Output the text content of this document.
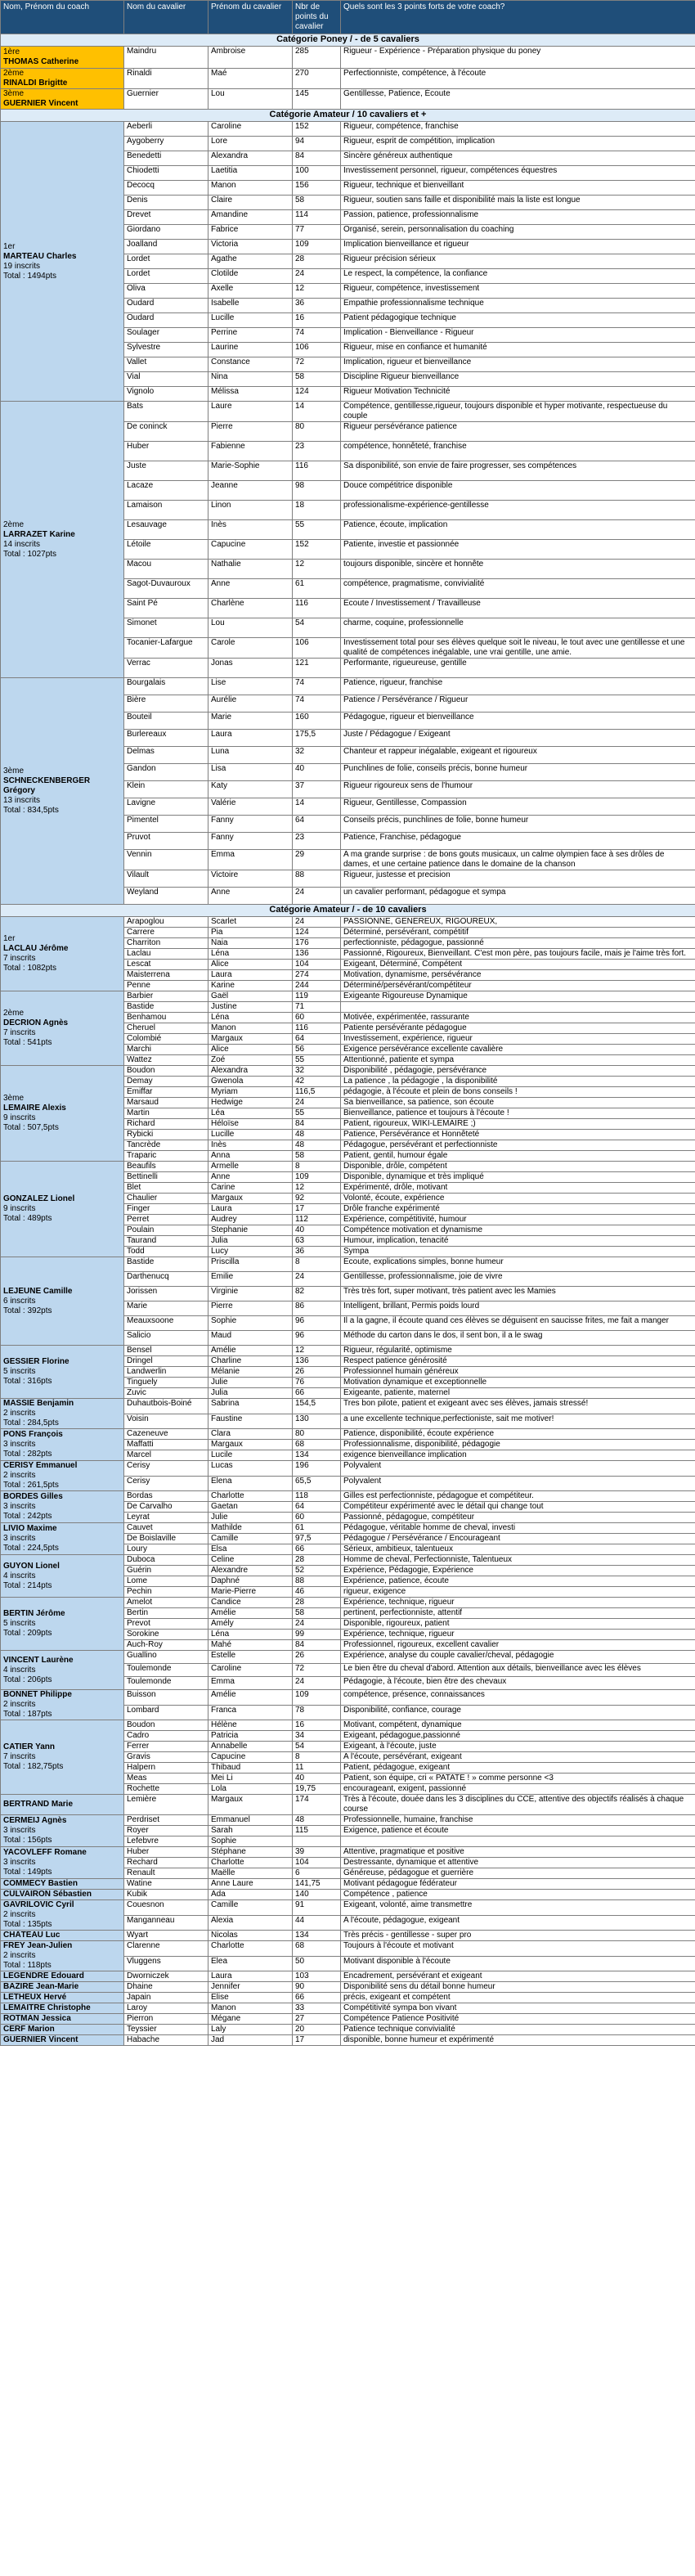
Nom, Prénom du coach	Nom du cavalier	Prénom du cavalier	Nbr de points du cavalier	Quels sont les 3 points forts de votre coach?
Catégorie Poney / - de 5 cavaliers				

1ère
THOMAS Catherine	Maindru	Ambroise	285	Rigueur - Expérience - Préparation physique du poney

2ème
RINALDI Brigitte	Rinaldi	Maé	270	Perfectionniste, compétence, à l'écoute

3ème
GUERNIER Vincent	Guernier	Lou	145	Gentillesse, Patience, Écoute
Catégorie Amateur / 10 cavaliers et +				

1er
MARTEAU Charles
19 inscrits
Total : 1494pts	Aeberli	Caroline	152	Rigueur, compétence, franchise
	Aygoberry	Lore	94	Rigueur, esprit de compétition, implication
	Benedetti	Alexandra	84	Sincère généreux authentique
	Chiodetti	Laetitia	100	Investissement personnel, rigueur, compétences équestres
	Decocq	Manon	156	Rigueur, technique et bienveillant
	Denis	Claire	58	Rigueur, soutien sans faille et disponibilité mais la liste est longue
	Drevet	Amandine	114	Passion, patience, professionnalisme
	Giordano	Fabrice	77	Organisé, serein, personnalisation du coaching
	Joalland	Victoria	109	Implication bienveillance et rigueur
	Lordet	Agathe	28	Rigueur précision sérieux
	Lordet	Clotilde	24	Le respect, la compétence, la confiance
	Oliva	Axelle	12	Rigueur, compétence, investissement
	Oudard	Isabelle	36	Empathie professionnalisme technique
	Oudard	Lucille	16	Patient pédagogique technique
	Soulager	Perrine	74	Implication - Bienveillance - Rigueur
	Sylvestre	Laurine	106	Rigueur, mise en confiance et humanité
	Vallet	Constance	72	Implication, rigueur et bienveillance
	Vial	Nina	58	Discipline Rigueur bienveillance
	Vignolo	Mélissa	124	Rigueur Motivation Technicité

2ème
LARRAZET Karine
14 inscrits
Total : 1027pts	Bats	Laure	14	Compétence, gentillesse,rigueur, toujours disponible et hyper motivante, respectueuse du couple
	De coninck	Pierre	80	Rigueur persévérance patience
	Huber	Fabienne	23	compétence, honnêteté, franchise
	Juste	Marie-Sophie	116	Sa disponibilité, son envie de faire progresser, ses compétences
	Lacaze	Jeanne	98	Douce compétitrice disponible
	Lamaison	Linon	18	professionalisme-expérience-gentillesse
	Lesauvage	Inès	55	Patience, écoute, implication
	Létoile	Capucine	152	Patiente, investie et passionnée
	Macou	Nathalie	12	toujours disponible, sincère et honnête
	Sagot-Duvauroux	Anne	61	compétence, pragmatisme, convivialité
	Saint Pé	Charlène	116	Ecoute / Investissement / Travailleuse
	Simonet	Lou	54	charme, coquine, professionnelle
	Tocanier-Lafargue	Carole	106	Investissement total pour ses élèves quelque soit le niveau, le tout avec une gentillesse et une qualité de compétences inégalable, une vrai gentille, une amie.
	Verrac	Jonas	121	Performante, rigueureuse, gentille

3ème
SCHNECKENBERGER Grégory
13 inscrits
Total : 834,5pts	Bourgalais	Lise	74	Patience, rigueur, franchise
	Bière	Aurélie	74	Patience / Persévérance / Rigueur
	Bouteil	Marie	160	Pédagogue, rigueur et bienveillance
	Burlereaux	Laura	175,5	Juste / Pédagogue / Exigeant
	Delmas	Luna	32	Chanteur et rappeur inégalable, exigeant et rigoureux
	Gandon	Lisa	40	Punchlines de folie, conseils précis, bonne humeur
	Klein	Katy	37	Rigueur rigoureux sens de l'humour
	Lavigne	Valérie	14	Rigueur, Gentillesse, Compassion
	Pimentel	Fanny	64	Conseils précis, punchlines de folie, bonne humeur
	Pruvot	Fanny	23	Patience, Franchise, pédagogue
	Vennin	Emma	29	A ma grande surprise : de bons gouts musicaux, un calme olympien face à ses drôles de dames, et une certaine patience dans le domaine de la chanson
	Vilault	Victoire	88	Rigueur, justesse et precision
	Weyland	Anne	24	un cavalier performant, pédagogue et sympa
Catégorie Amateur / - de 10 cavaliers				

1er
LACLAU Jérôme
7 inscrits
Total : 1082pts	Arapoglou	Scarlet	24	PASSIONNE, GENEREUX, RIGOUREUX,
	Carrere	Pia	124	Déterminé, persévérant, compétitif
	Charriton	Naia	176	perfectionniste, pédagogue, passionné
	Laclau	Léna	136	Passionné, Rigoureux, Bienveillant. C'est mon père, pas toujours facile, mais je l'aime très fort.
	Lescat	Alice	104	Exigeant, Déterminé, Compétent
	Maisterrena	Laura	274	Motivation, dynamisme, persévérance
	Penne	Karine	244	Déterminé/persévérant/compétiteur

2ème
DECRION Agnès
7 inscrits
Total : 541pts	Barbier	Gaël	119	Exigeante Rigoureuse Dynamique
	Bastide	Justine	71	
	Benhamou	Léna	60	Motivée, expérimentée, rassurante
	Cheruel	Manon	116	Patiente persévérante pédagogue
	Colombié	Margaux	64	Investissement, expérience, rigueur
	Marchi	Alice	56	Exigence persévérance excellente cavalière
	Wattez	Zoé	55	Attentionné, patiente et sympa

3ème
LEMAIRE Alexis
9 inscrits
Total : 507,5pts	Boudon	Alexandra	32	Disponibilité , pédagogie, persévérance
	Demay	Gwenola	42	La patience , la pédagogie , la disponibilité
	Emiffar	Myriam	116,5	pédagogie, à l'écoute et plein de bons conseils !
	Marsaud	Hedwige	24	Sa bienveillance, sa patience, son écoute
	Martin	Léa	55	Bienveillance, patience et toujours à l'écoute !
	Richard	Héloïse	84	Patient, rigoureux, WIKI-LEMAIRE ;)
	Rybicki	Lucille	48	Patience, Persévérance et Honnêteté
	Tancrède	Inès	48	Pédagogue, persévérant et perfectionniste
	Traparic	Anna	58	Patient, gentil, humour égale

GONZALEZ Lionel
9 inscrits
Total : 489pts	Beaufils	Armelle	8	Disponible, drôle, compétent
	Bettinelli	Anne	109	Disponible, dynamique et très impliqué
	Blet	Carine	12	Expérimenté, drôle, motivant
	Chaulier	Margaux	92	Volonté, écoute, expérience
	Finger	Laura	17	Drôle franche expérimenté
	Perret	Audrey	112	Expérience, compétitivité, humour
	Poulain	Stephanie	40	Compétence motivation et dynamisme
	Taurand	Julia	63	Humour, implication, tenacité
	Todd	Lucy	36	Sympa

LEJEUNE Camille
6 inscrits
Total : 392pts	Bastide	Priscilla	8	Écoute, explications simples, bonne humeur
	Darthenucq	Emilie	24	Gentillesse, professionnalisme, joie de vivre
	Jorissen	Virginie	82	Très très fort, super motivant, très patient avec les Mamies
	Marie	Pierre	86	Intelligent, brillant, Permis poids lourd
	Meauxsoone	Sophie	96	Il a la gagne, il écoute quand ces élèves se déguisent en saucisse frites, me fait a manger
	Salicio	Maud	96	Méthode du carton dans le dos, il sent bon, il a le swag

GESSIER Florine
5 inscrits
Total : 316pts	Bensel	Amélie	12	Rigueur, régularité, optimisme
	Dringel	Charline	136	Respect patience générosité
	Landwerlin	Mélanie	26	Professionnel humain généreux
	Tinguely	Julie	76	Motivation dynamique et exceptionnelle
	Zuvic	Julia	66	Exigeante, patiente, maternel

MASSIE Benjamin
2 inscrits
Total : 284,5pts	Duhautbois-Boiné	Sabrina	154,5	Tres bon pilote, patient et exigeant avec ses élèves, jamais stressé!
	Voisin	Faustine	130	a une excellente technique,perfectioniste, sait me motiver!

PONS François
3 inscrits
Total : 282pts	Cazeneuve	Clara	80	Patience, disponibilité, écoute expérience
	Maffatti	Margaux	68	Professionnalisme, disponibilité, pédagogie
	Marcel	Lucile	134	exigence bienveillance implication

CERISY Emmanuel
2 inscrits
Total : 261,5pts	Cerisy	Lucas	196	Polyvalent
	Cerisy	Elena	65,5	Polyvalent

BORDES Gilles
3 inscrits
Total : 242pts	Bordas	Charlotte	118	Gilles est perfectionniste, pédagogue et compétiteur.
	De Carvalho	Gaetan	64	Compétiteur expérimenté avec le détail qui change tout
	Leyrat	Julie	60	Passionné, pédagogue, compétiteur

LIVIO Maxime
3 inscrits
Total : 224,5pts	Cauvet	Mathilde	61	Pédagogue, véritable homme de cheval, investi
	De Boislaville	Camille	97,5	Pédagogue / Persévérance / Encourageant
	Loury	Elsa	66	Sérieux, ambitieux, talentueux

GUYON Lionel
4 inscrits
Total : 214pts	Duboca	Celine	28	Homme de cheval, Perfectionniste, Talentueux
	Guérin	Alexandre	52	Expérience, Pédagogie, Expérience
	Lome	Daphné	88	Expérience, patience, écoute
	Pechin	Marie-Pierre	46	rigueur, exigence

BERTIN Jérôme
5 inscrits
Total : 209pts	Amelot	Candice	28	Expérience, technique, rigueur
	Bertin	Amélie	58	pertinent, perfectionniste, attentif
	Prevot	Amély	24	Disponible, rigoureux, patient
	Sorokine	Léna	99	Expérience, technique, rigueur
	Auch-Roy	Mahé	84	Professionnel, rigoureux, excellent cavalier

VINCENT Laurène
4 inscrits
Total : 206pts	Guallino	Estelle	26	Expérience, analyse du couple cavalier/cheval, pédagogie
	Toulemonde	Caroline	72	Le bien être du cheval d'abord. Attention aux détails, bienveillance avec les élèves
	Toulemonde	Emma	24	Pédagogie, à l'écoute, bien être des chevaux

BONNET Philippe
2 inscrits
Total : 187pts	Buisson	Amélie	109	compétence, présence, connaissances
	Lombard	Franca	78	Disponibilité, confiance, courage

CATIER Yann
7 inscrits
Total : 182,75pts	Boudon	Hélène	16	Motivant, compétent, dynamique
	Cadro	Patricia	34	Exigeant, pédagogue,passionné
	Ferrer	Annabelle	54	Exigeant, à l'écoute, juste
	Gravis	Capucine	8	A l'écoute, persévérant, exigeant
	Halpern	Thibaud	11	Patient, pédagogue, exigeant
	Meas	Mei Li	40	Patient, son équipe, cri « PATATE ! » comme personne <3
	Rochette	Lola	19,75	encourageant, exigent, passionné

BERTRAND Marie	Lemière	Margaux	174	Très à l'écoute, douée dans les 3 disciplines du CCE, attentive des objectifs réalisés à chaque course

CERMEIJ Agnès
3 inscrits
Total : 156pts	Perdriset	Emmanuel	48	Professionnelle, humaine, franchise
	Royer	Sarah	115	Exigence, patience et écoute
	Lefebvre	Sophie		

YACOVLEFF Romane
3 inscrits
Total : 149pts	Huber	Stéphane	39	Attentive, pragmatique et positive
	Rechard	Charlotte	104	Destressante, dynamique et attentive
	Renault	Maëlle	6	Généreuse, pédagogue et guerrière

COMMECY Bastien	Watine	Anne Laure	141,75	Motivant pédagogue fédérateur

CULVAIRON Sébastien	Kubik	Ada	140	Compétence , patience

GAVRILOVIC Cyril
2 inscrits
Total : 135pts	Couesnon	Camille	91	Exigeant, volonté, aime transmettre
	Manganneau	Alexia	44	A l'écoute, pédagogue, exigeant

CHÂTEAU Luc	Wyart	Nicolas	134	Très précis - gentillesse - super pro

FREY Jean-Julien
2 inscrits
Total : 118pts	Clarenne	Charlotte	68	Toujours à l'écoute et motivant
	Vluggens	Elea	50	Motivant disponible à l'écoute

LEGENDRE Edouard	Dworniczek	Laura	103	Encadrement, persévérant et exigeant

BAZIRE Jean-Marie	Dhaine	Jennifer	90	Disponibilité sens du détail bonne humeur

LETHEUX Hervé	Japain	Elise	66	précis, exigeant et compétent

LEMAITRE Christophe	Laroy	Manon	33	Compétitivité sympa bon vivant

ROTMAN Jessica	Pierron	Mégane	27	Compétence Patience Positivité

CERF Marion	Teyssier	Laly	20	Patience technique convivialité

GUERNIER Vincent	Habache	Jad	17	disponible, bonne humeur et expérimenté
